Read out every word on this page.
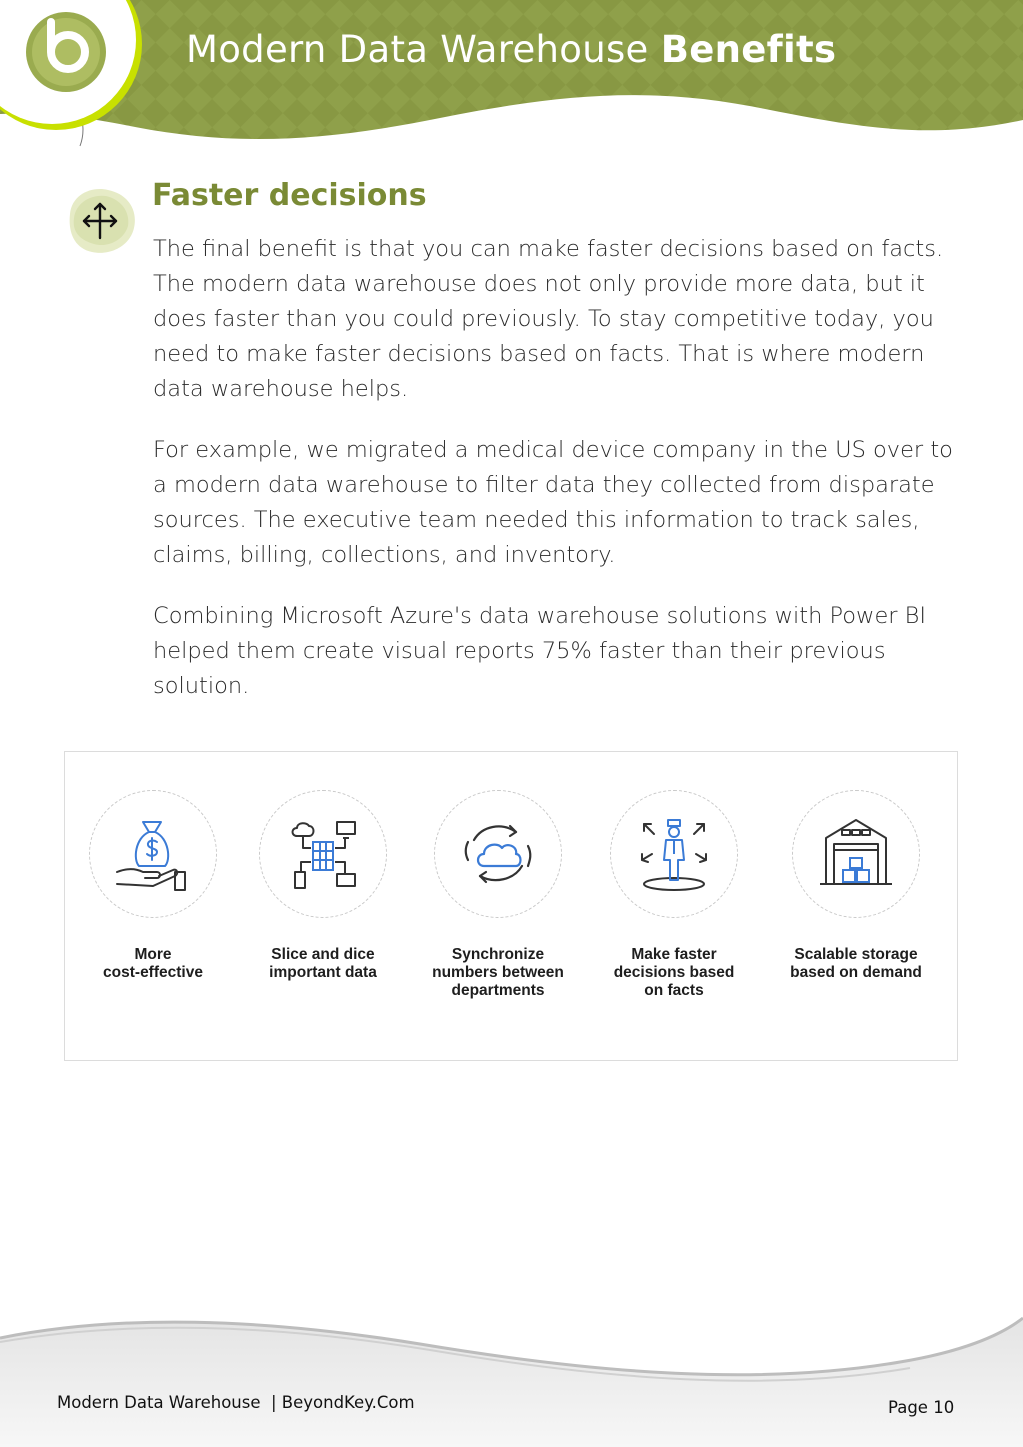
Modern Data Warehouse Benefits
Faster decisions

The final benefit is that you can make faster decisions based on facts. The modern data warehouse does not only provide more data, but it does faster than you could previously. To stay competitive today, you need to make faster decisions based on facts. That is where modern data warehouse helps.

For example, we migrated a medical device company in the US over to a modern data warehouse to filter data they collected from disparate sources. The executive team needed this information to track sales, claims, billing, collections, and inventory.

Combining Microsoft Azure's data warehouse solutions with Power BI helped them create visual reports 75% faster than their previous solution.

More
cost-effective
Slice and dice
important data
Synchronize
numbers between
departments
Make faster
decisions based
on facts
Scalable storage
based on demand
Modern Data Warehouse  | BeyondKey.Com	Page 10
